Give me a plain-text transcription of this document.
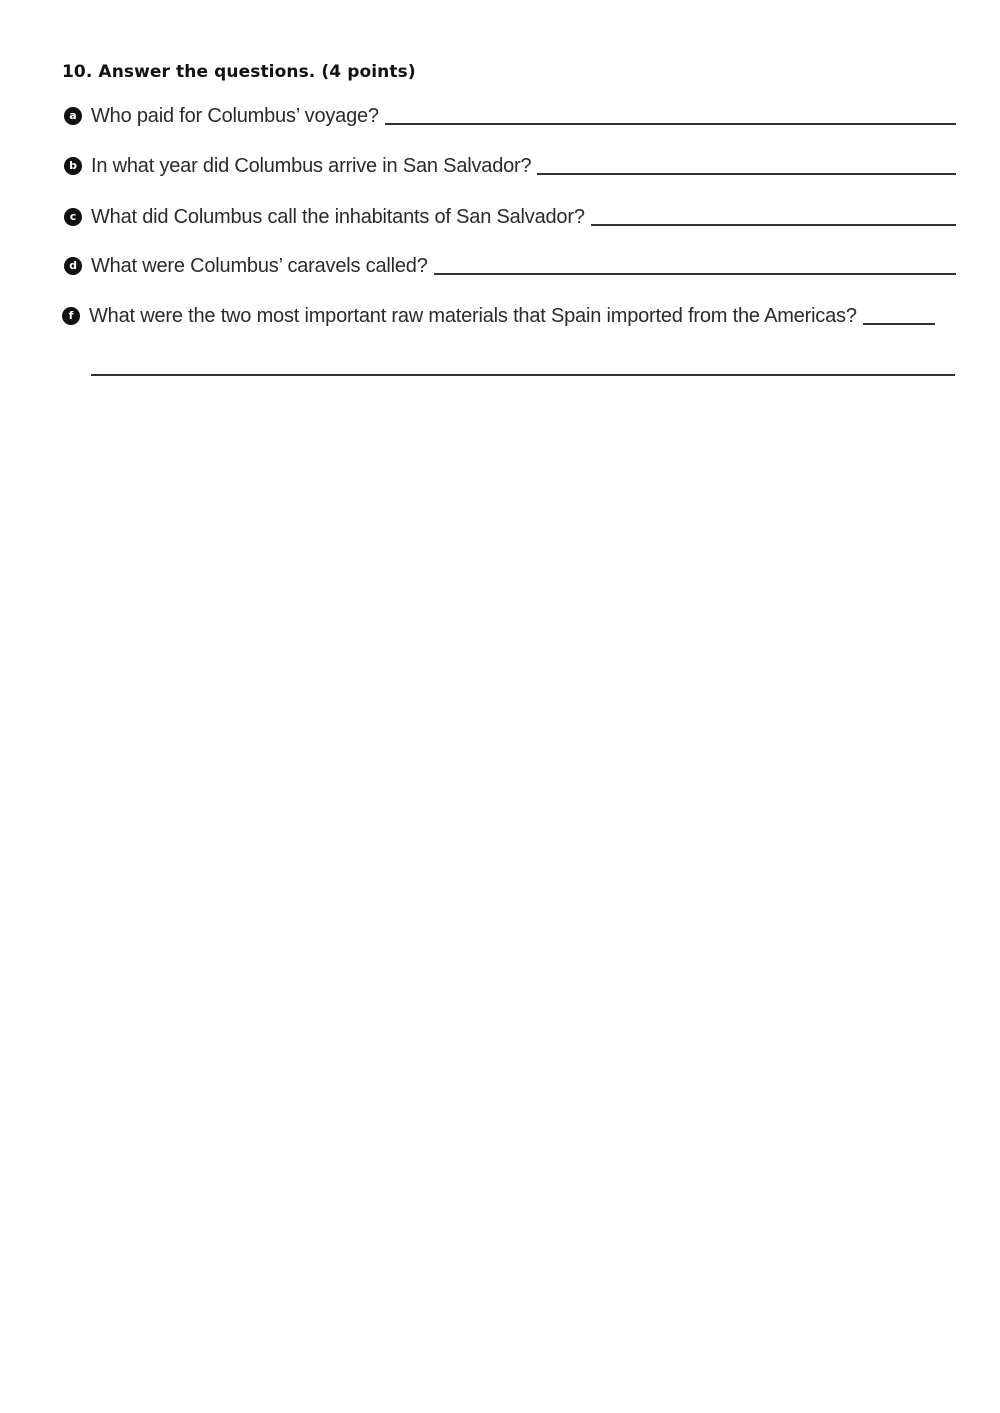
10. Answer the questions. (4 points)
a Who paid for Columbus’ voyage?
b In what year did Columbus arrive in San Salvador?
c What did Columbus call the inhabitants of San Salvador?
d What were Columbus’ caravels called?
f What were the two most important raw materials that Spain imported from the Americas?
